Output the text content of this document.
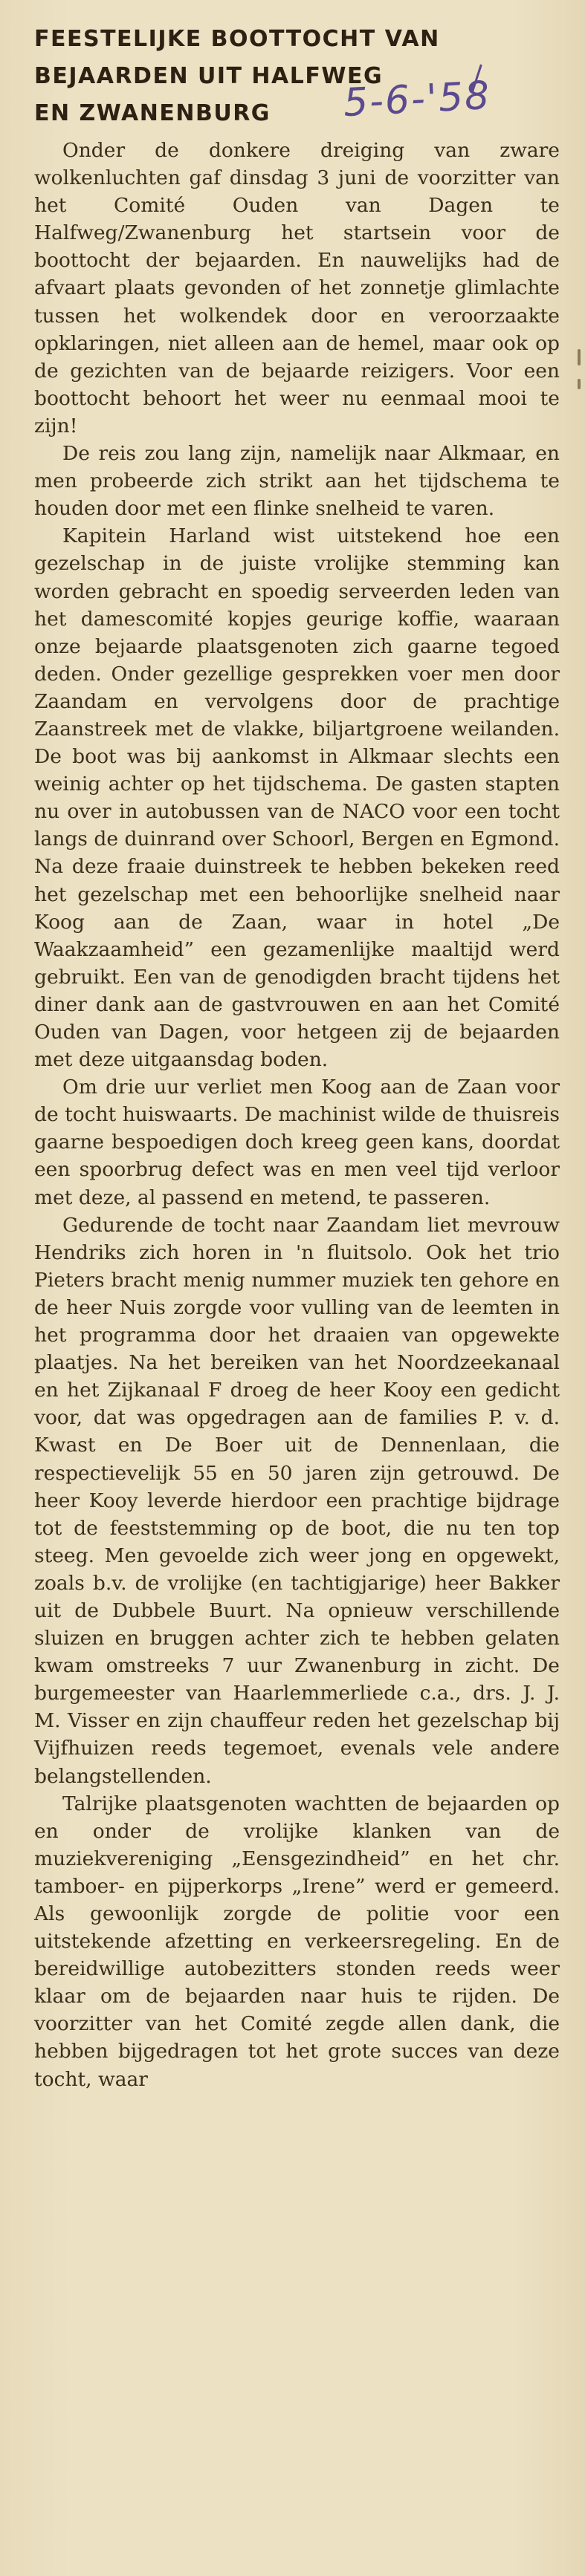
FEESTELIJKE BOOTTOCHT VAN
BEJAARDEN UIT HALFWEG
EN ZWANENBURG	5-6-'58

Onder de donkere dreiging van zware wolkenluchten gaf dinsdag 3 juni de voorzitter van het Comité Ouden van Dagen te Halfweg/Zwanenburg het startsein voor de boottocht der bejaarden. En nauwelijks had de afvaart plaats gevonden of het zonnetje glimlachte tussen het wolkendek door en veroorzaakte opklaringen, niet alleen aan de hemel, maar ook op de gezichten van de bejaarde reizigers. Voor een boottocht behoort het weer nu eenmaal mooi te zijn!

De reis zou lang zijn, namelijk naar Alkmaar, en men probeerde zich strikt aan het tijdschema te houden door met een flinke snelheid te varen.

Kapitein Harland wist uitstekend hoe een gezelschap in de juiste vrolijke stemming kan worden gebracht en spoedig serveerden leden van het damescomité kopjes geurige koffie, waaraan onze bejaarde plaatsgenoten zich gaarne tegoed deden. Onder gezellige gesprekken voer men door Zaandam en vervolgens door de prachtige Zaanstreek met de vlakke, biljartgroene weilanden. De boot was bij aankomst in Alkmaar slechts een weinig achter op het tijdschema. De gasten stapten nu over in autobussen van de NACO voor een tocht langs de duinrand over Schoorl, Bergen en Egmond. Na deze fraaie duinstreek te hebben bekeken reed het gezelschap met een behoorlijke snelheid naar Koog aan de Zaan, waar in hotel „De Waakzaamheid” een gezamenlijke maaltijd werd gebruikt. Een van de genodigden bracht tijdens het diner dank aan de gastvrouwen en aan het Comité Ouden van Dagen, voor hetgeen zij de bejaarden met deze uitgaansdag boden.

Om drie uur verliet men Koog aan de Zaan voor de tocht huiswaarts. De machinist wilde de thuisreis gaarne bespoedigen doch kreeg geen kans, doordat een spoorbrug defect was en men veel tijd verloor met deze, al passend en metend, te passeren.

Gedurende de tocht naar Zaandam liet mevrouw Hendriks zich horen in 'n fluitsolo. Ook het trio Pieters bracht menig nummer muziek ten gehore en de heer Nuis zorgde voor vulling van de leemten in het programma door het draaien van opgewekte plaatjes. Na het bereiken van het Noordzeekanaal en het Zijkanaal F droeg de heer Kooy een gedicht voor, dat was opgedragen aan de families P. v. d. Kwast en De Boer uit de Dennenlaan, die respectievelijk 55 en 50 jaren zijn getrouwd. De heer Kooy leverde hierdoor een prachtige bijdrage tot de feeststemming op de boot, die nu ten top steeg. Men gevoelde zich weer jong en opgewekt, zoals b.v. de vrolijke (en tachtigjarige) heer Bakker uit de Dubbele Buurt. Na opnieuw verschillende sluizen en bruggen achter zich te hebben gelaten kwam omstreeks 7 uur Zwanenburg in zicht. De burgemeester van Haarlemmerliede c.a., drs. J. J. M. Visser en zijn chauffeur reden het gezelschap bij Vijfhuizen reeds tegemoet, evenals vele andere belangstellenden.

Talrijke plaatsgenoten wachtten de bejaarden op en onder de vrolijke klanken van de muziekvereniging „Eensgezindheid” en het chr. tamboer- en pijperkorps „Irene” werd er gemeerd. Als gewoonlijk zorgde de politie voor een uitstekende afzetting en verkeersregeling. En de bereidwillige autobezitters stonden reeds weer klaar om de bejaarden naar huis te rijden. De voorzitter van het Comité zegde allen dank, die hebben bijgedragen tot het grote succes van deze tocht, waar
